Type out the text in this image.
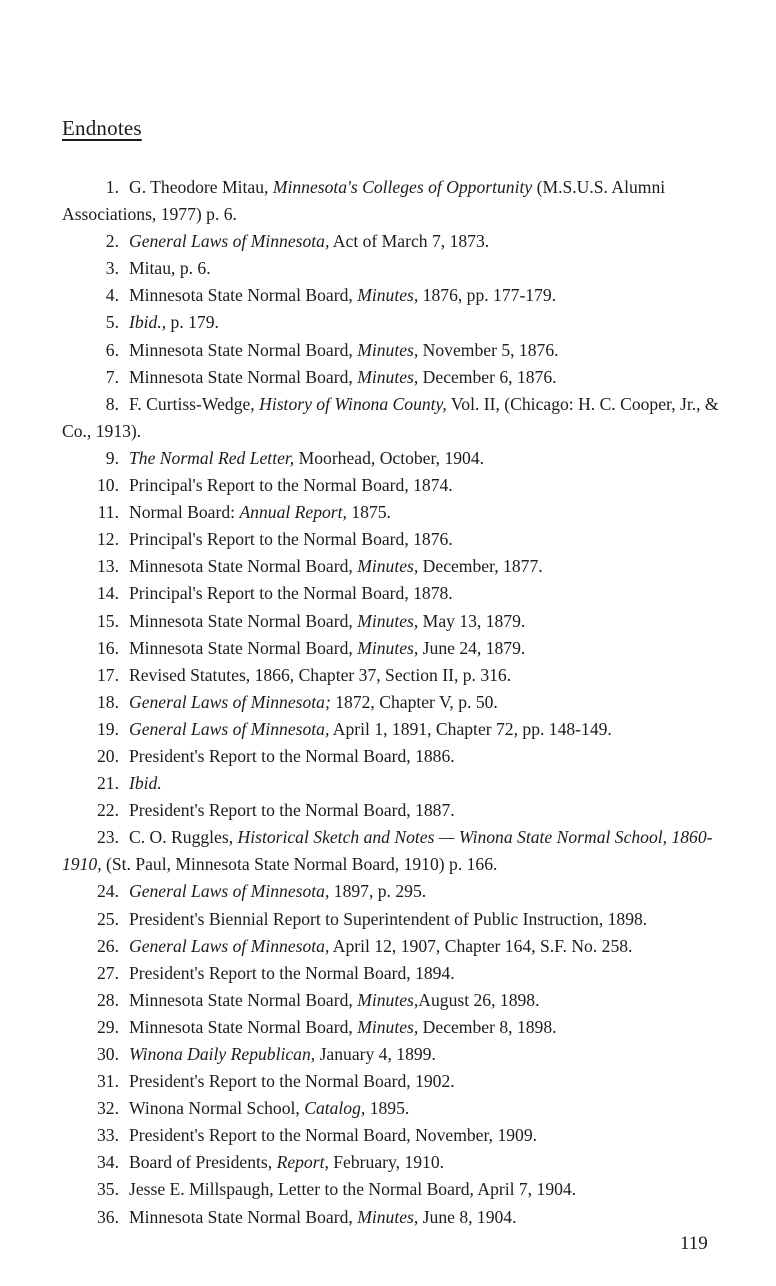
Endnotes

1. G. Theodore Mitau, Minnesota's Colleges of Opportunity (M.S.U.S. Alumni Associations, 1977) p. 6.

2. General Laws of Minnesota, Act of March 7, 1873.

3. Mitau, p. 6.

4. Minnesota State Normal Board, Minutes, 1876, pp. 177-179.

5. Ibid., p. 179.

6. Minnesota State Normal Board, Minutes, November 5, 1876.

7. Minnesota State Normal Board, Minutes, December 6, 1876.

8. F. Curtiss-Wedge, History of Winona County, Vol. II, (Chicago: H. C. Cooper, Jr., & Co., 1913).

9. The Normal Red Letter, Moorhead, October, 1904.

10. Principal's Report to the Normal Board, 1874.

11. Normal Board: Annual Report, 1875.

12. Principal's Report to the Normal Board, 1876.

13. Minnesota State Normal Board, Minutes, December, 1877.

14. Principal's Report to the Normal Board, 1878.

15. Minnesota State Normal Board, Minutes, May 13, 1879.

16. Minnesota State Normal Board, Minutes, June 24, 1879.

17. Revised Statutes, 1866, Chapter 37, Section II, p. 316.

18. General Laws of Minnesota; 1872, Chapter V, p. 50.

19. General Laws of Minnesota, April 1, 1891, Chapter 72, pp. 148-149.

20. President's Report to the Normal Board, 1886.

21. Ibid.

22. President's Report to the Normal Board, 1887.

23. C. O. Ruggles, Historical Sketch and Notes — Winona State Normal School, 1860-1910, (St. Paul, Minnesota State Normal Board, 1910) p. 166.

24. General Laws of Minnesota, 1897, p. 295.

25. President's Biennial Report to Superintendent of Public Instruction, 1898.

26. General Laws of Minnesota, April 12, 1907, Chapter 164, S.F. No. 258.

27. President's Report to the Normal Board, 1894.

28. Minnesota State Normal Board, Minutes,August 26, 1898.

29. Minnesota State Normal Board, Minutes, December 8, 1898.

30. Winona Daily Republican, January 4, 1899.

31. President's Report to the Normal Board, 1902.

32. Winona Normal School, Catalog, 1895.

33. President's Report to the Normal Board, November, 1909.

34. Board of Presidents, Report, February, 1910.

35. Jesse E. Millspaugh, Letter to the Normal Board, April 7, 1904.

36. Minnesota State Normal Board, Minutes, June 8, 1904.

119
